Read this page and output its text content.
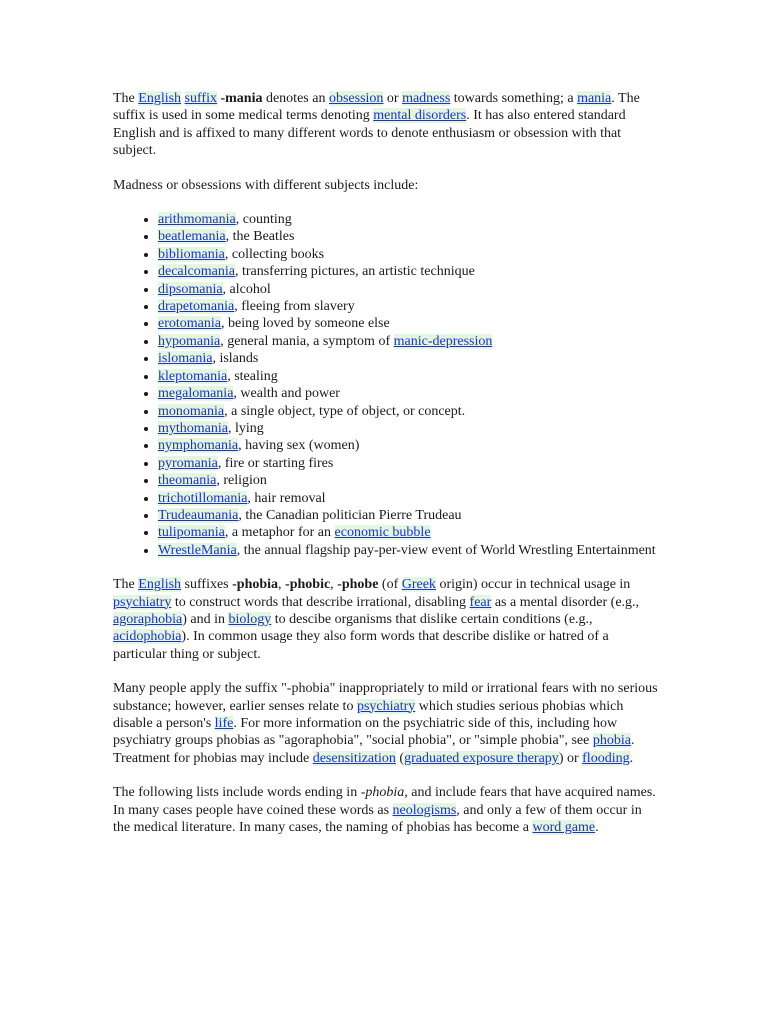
The English suffix -mania denotes an obsession or madness towards something; a mania. The suffix is used in some medical terms denoting mental disorders. It has also entered standard English and is affixed to many different words to denote enthusiasm or obsession with that subject.

Madness or obsessions with different subjects include:

• arithmomania, counting
• beatlemania, the Beatles
• bibliomania, collecting books
• decalcomania, transferring pictures, an artistic technique
• dipsomania, alcohol
• drapetomania, fleeing from slavery
• erotomania, being loved by someone else
• hypomania, general mania, a symptom of manic-depression
• islomania, islands
• kleptomania, stealing
• megalomania, wealth and power
• monomania, a single object, type of object, or concept.
• mythomania, lying
• nymphomania, having sex (women)
• pyromania, fire or starting fires
• theomania, religion
• trichotillomania, hair removal
• Trudeaumania, the Canadian politician Pierre Trudeau
• tulipomania, a metaphor for an economic bubble
• WrestleMania, the annual flagship pay-per-view event of World Wrestling Entertainment

The English suffixes -phobia, -phobic, -phobe (of Greek origin) occur in technical usage in psychiatry to construct words that describe irrational, disabling fear as a mental disorder (e.g., agoraphobia) and in biology to descibe organisms that dislike certain conditions (e.g., acidophobia). In common usage they also form words that describe dislike or hatred of a particular thing or subject.

Many people apply the suffix "-phobia" inappropriately to mild or irrational fears with no serious substance; however, earlier senses relate to psychiatry which studies serious phobias which disable a person's life. For more information on the psychiatric side of this, including how psychiatry groups phobias as "agoraphobia", "social phobia", or "simple phobia", see phobia. Treatment for phobias may include desensitization (graduated exposure therapy) or flooding.

The following lists include words ending in -phobia, and include fears that have acquired names. In many cases people have coined these words as neologisms, and only a few of them occur in the medical literature. In many cases, the naming of phobias has become a word game.
